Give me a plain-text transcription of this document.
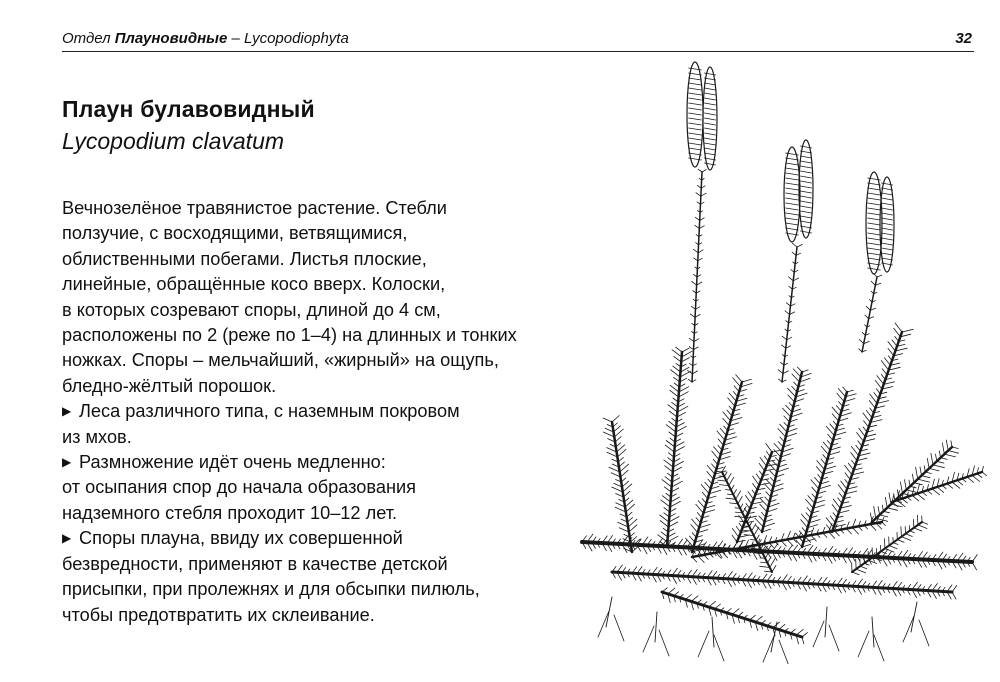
Отдел Плауновидные – Lycopodiophyta	32
Плаун булавовидный
Lycopodium clavatum
Вечнозелёное травянистое растение. Стебли
ползучие, с восходящими, ветвящимися,
облиственными побегами. Листья плоские,
линейные, обращённые косо вверх. Колоски,
в которых созревают споры, длиной до 4 см,
расположены по 2 (реже по 1–4) на длинных и тонких
ножках. Споры – мельчайший, «жирный» на ощупь,
бледно-жёлтый порошок.
▶Леса различного типа, с наземным покровом
из мхов.
▶Размножение идёт очень медленно:
от осыпания спор до начала образования
надземного стебля проходит 10–12 лет.
▶Споры плауна, ввиду их совершенной
безвредности, применяют в качестве детской
присыпки, при пролежнях и для обсыпки пилюль,
чтобы предотвратить их склеивание.
